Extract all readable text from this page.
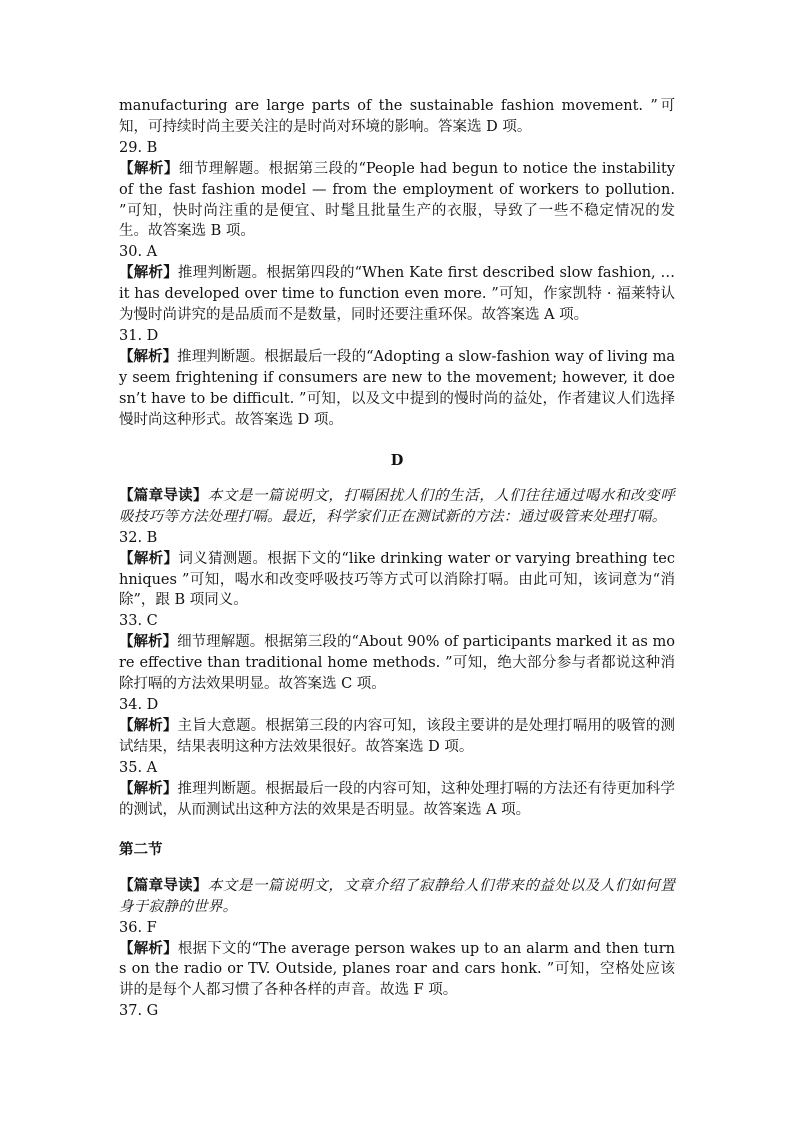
manufacturing are large parts of the sustainable fashion movement. ”可知，可持续时尚主要关注的是时尚对环境的影响。答案选 D 项。

29. B

【解析】细节理解题。根据第三段的“People had begun to notice the instability of the fast fashion model — from the employment of workers to pollution. ”可知，快时尚注重的是便宜、时髦且批量生产的衣服，导致了一些不稳定情况的发生。故答案选 B 项。

30. A

【解析】推理判断题。根据第四段的“When Kate first described slow fashion, … it has developed over time to function even more. ”可知，作家凯特 · 福莱特认为慢时尚讲究的是品质而不是数量，同时还要注重环保。故答案选 A 项。

31. D

【解析】推理判断题。根据最后一段的“Adopting a slow-fashion way of living may seem frightening if consumers are new to the movement; however, it doesn’t have to be difficult. ”可知，以及文中提到的慢时尚的益处，作者建议人们选择慢时尚这种形式。故答案选 D 项。

D

【篇章导读】本文是一篇说明文，打嗝困扰人们的生活，人们往往通过喝水和改变呼吸技巧等方法处理打嗝。最近，科学家们正在测试新的方法：通过吸管来处理打嗝。

32. B

【解析】词义猜测题。根据下文的“like drinking water or varying breathing techniques ”可知，喝水和改变呼吸技巧等方式可以消除打嗝。由此可知，该词意为“消除”，跟 B 项同义。

33. C

【解析】细节理解题。根据第三段的“About 90% of participants marked it as more effective than traditional home methods. ”可知，绝大部分参与者都说这种消除打嗝的方法效果明显。故答案选 C 项。

34. D

【解析】主旨大意题。根据第三段的内容可知，该段主要讲的是处理打嗝用的吸管的测试结果，结果表明这种方法效果很好。故答案选 D 项。

35. A

【解析】推理判断题。根据最后一段的内容可知，这种处理打嗝的方法还有待更加科学的测试，从而测试出这种方法的效果是否明显。故答案选 A 项。

第二节

【篇章导读】本文是一篇说明文，文章介绍了寂静给人们带来的益处以及人们如何置身于寂静的世界。

36. F

【解析】根据下文的“The average person wakes up to an alarm and then turns on the radio or TV. Outside, planes roar and cars honk. ”可知，空格处应该讲的是每个人都习惯了各种各样的声音。故选 F 项。

37. G
